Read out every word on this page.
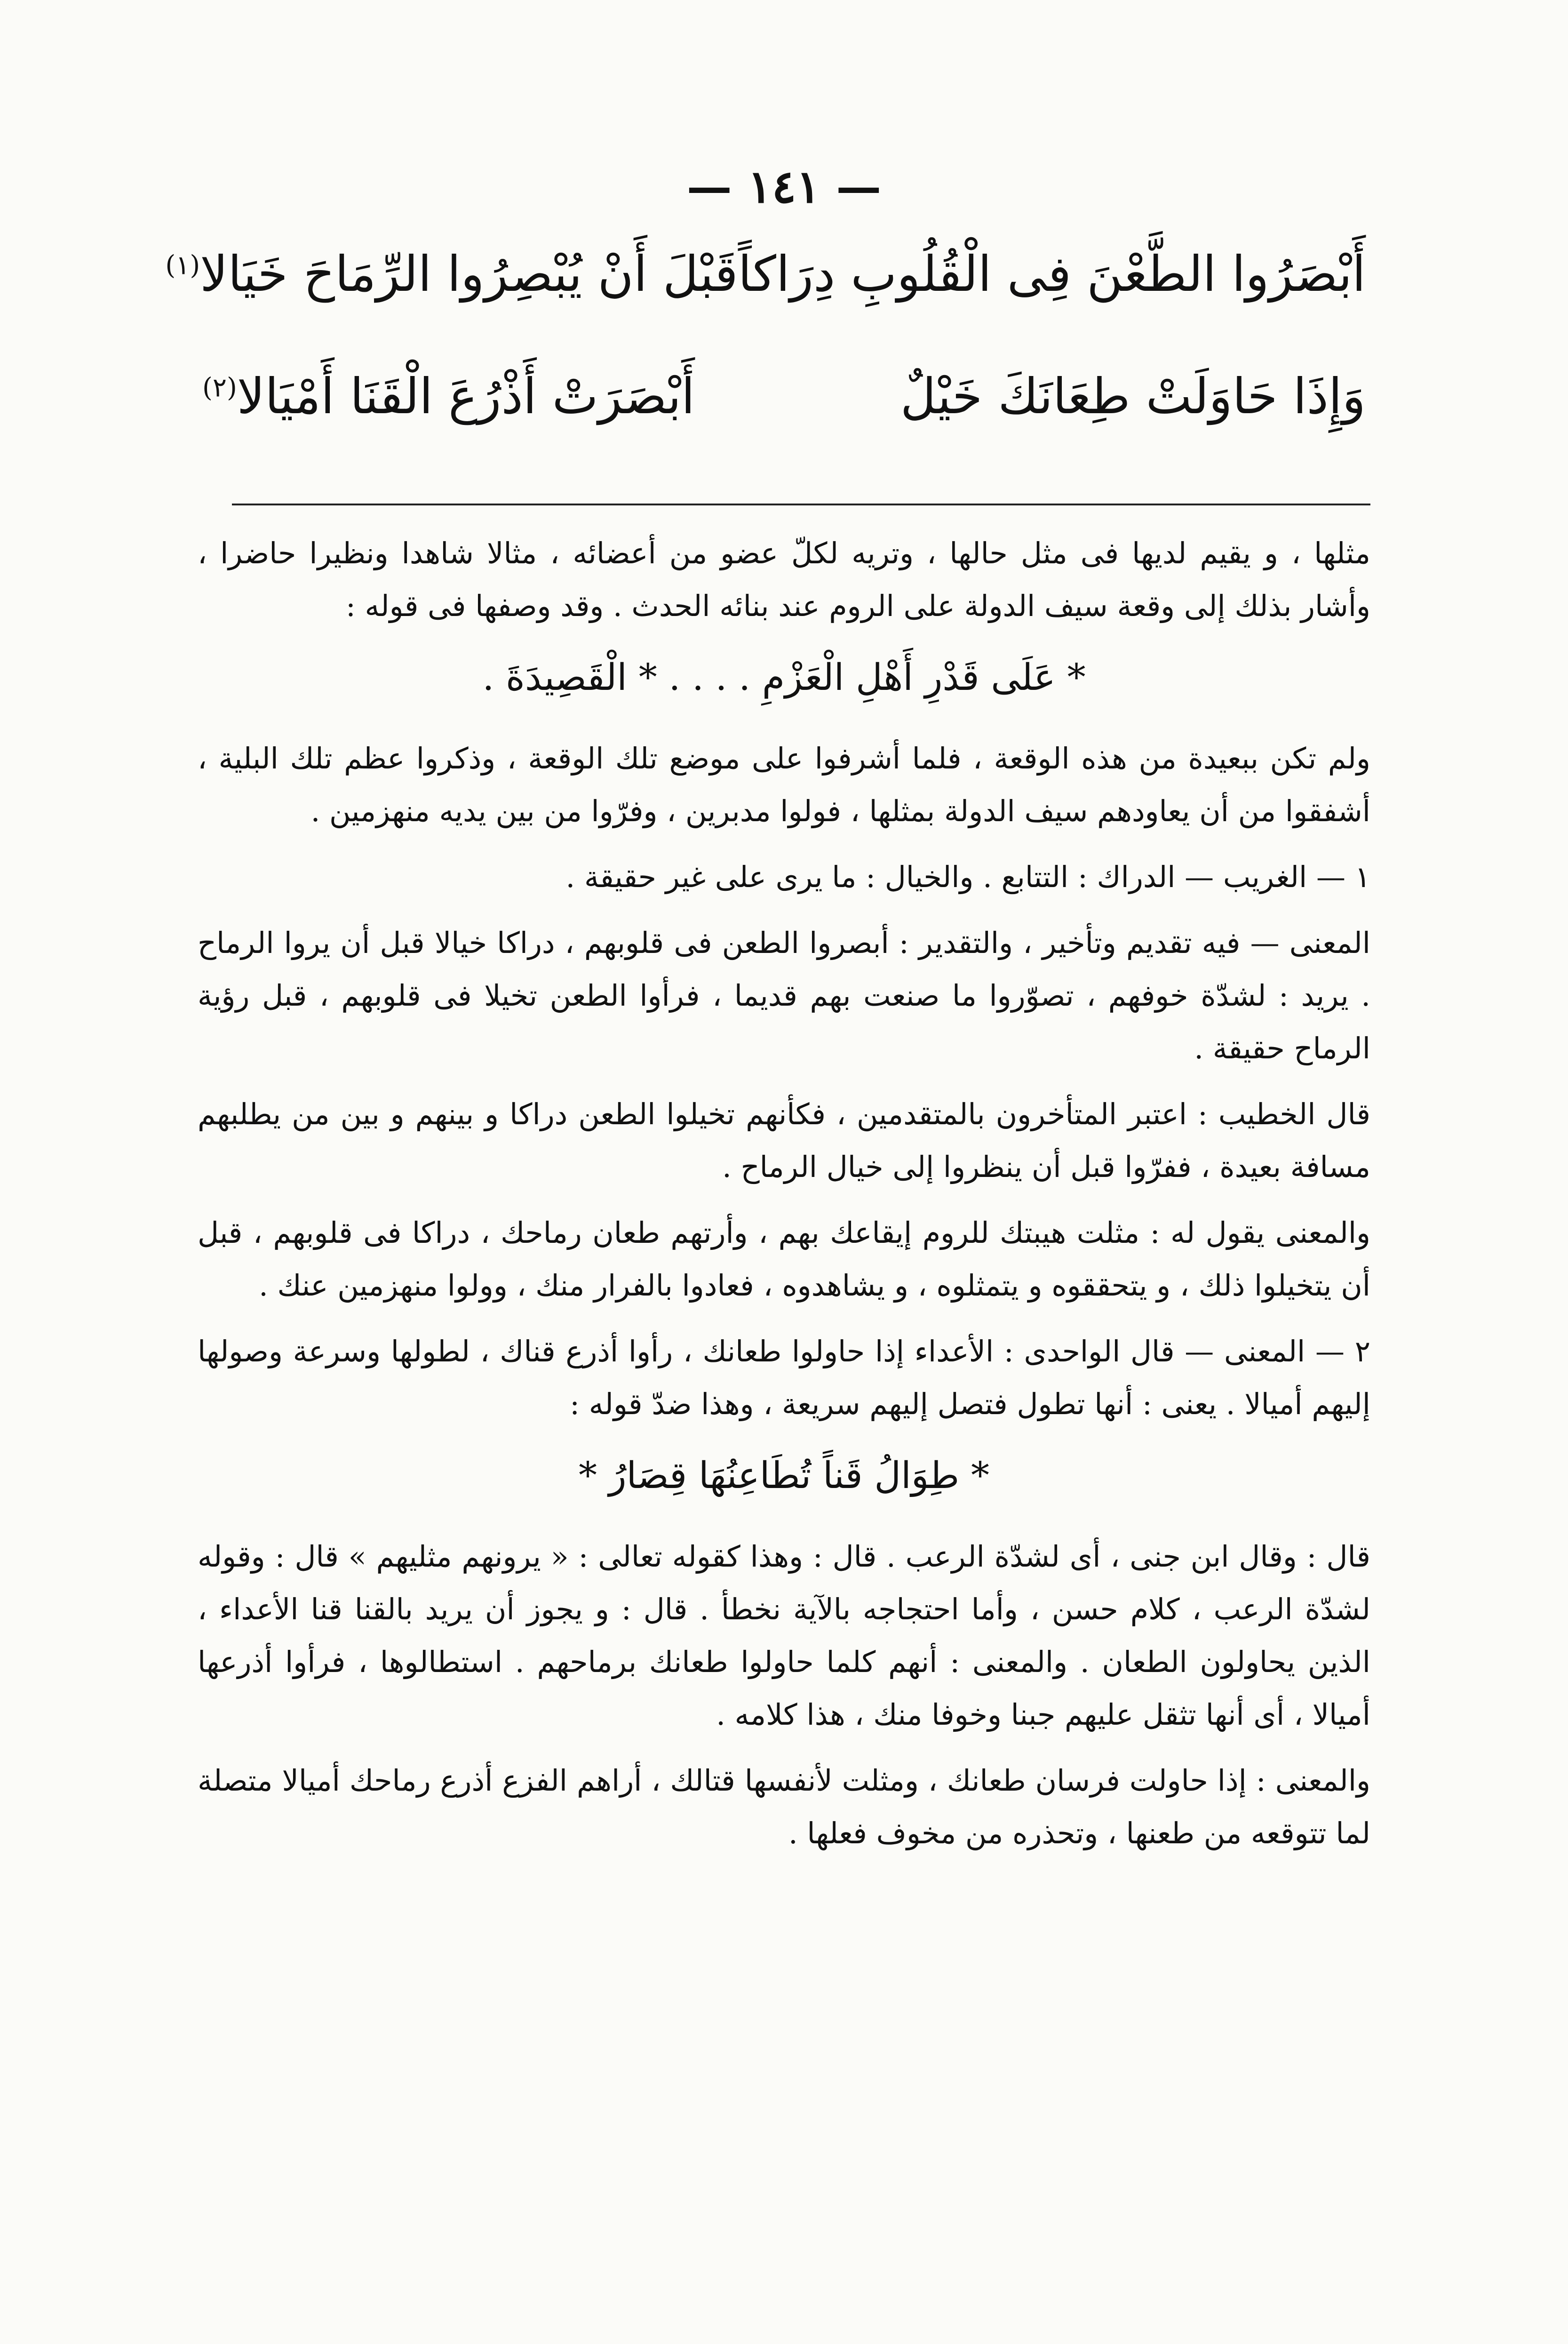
— ١٤١ —
أَبْصَرُوا الطَّعْنَ فِى الْقُلُوبِ دِرَاكاً
قَبْلَ أَنْ يُبْصِرُوا الرِّمَاحَ خَيَالا$^{(١)}$
وَإِذَا حَاوَلَتْ طِعَانَكَ خَيْلٌ
أَبْصَرَتْ أَذْرُعَ الْقَنَا أَمْيَالا$^{(٢)}$

مثلها ، و يقيم لديها فى مثل حالها ، وتريه لكلّ عضو من أعضائه ، مثالا شاهدا ونظيرا حاضرا ، وأشار بذلك إلى وقعة سيف الدولة على الروم عند بنائه الحدث . وقد وصفها فى قوله :

* عَلَى قَدْرِ أَهْلِ الْعَزْمِ . . . . * الْقَصِيدَةَ .

ولم تكن ببعيدة من هذه الوقعة ، فلما أشرفوا على موضع تلك الوقعة ، وذكروا عظم تلك البلية ، أشفقوا من أن يعاودهم سيف الدولة بمثلها ، فولوا مدبرين ، وفرّوا من بين يديه منهزمين .

١ — الغريب — الدراك : التتابع . والخيال : ما يرى على غير حقيقة .

المعنى — فيه تقديم وتأخير ، والتقدير : أبصروا الطعن فى قلوبهم ، دراكا خيالا قبل أن يروا الرماح . يريد : لشدّة خوفهم ، تصوّروا ما صنعت بهم قديما ، فرأوا الطعن تخيلا فى قلوبهم ، قبل رؤية الرماح حقيقة .

قال الخطيب : اعتبر المتأخرون بالمتقدمين ، فكأنهم تخيلوا الطعن دراكا و بينهم و بين من يطلبهم مسافة بعيدة ، ففرّوا قبل أن ينظروا إلى خيال الرماح .

والمعنى يقول له : مثلت هيبتك للروم إيقاعك بهم ، وأرتهم طعان رماحك ، دراكا فى قلوبهم ، قبل أن يتخيلوا ذلك ، و يتحققوه و يتمثلوه ، و يشاهدوه ، فعادوا بالفرار منك ، وولوا منهزمين عنك .

٢ — المعنى — قال الواحدى : الأعداء إذا حاولوا طعانك ، رأوا أذرع قناك ، لطولها وسرعة وصولها إليهم أميالا . يعنى : أنها تطول فتصل إليهم سريعة ، وهذا ضدّ قوله :

* طِوَالُ قَناً تُطَاعِنُهَا قِصَارُ *

قال : وقال ابن جنى ، أى لشدّة الرعب . قال : وهذا كقوله تعالى : « يرونهم مثليهم » قال : وقوله لشدّة الرعب ، كلام حسن ، وأما احتجاجه بالآية نخطأ . قال : و يجوز أن يريد بالقنا قنا الأعداء ، الذين يحاولون الطعان . والمعنى : أنهم كلما حاولوا طعانك برماحهم . استطالوها ، فرأوا أذرعها أميالا ، أى أنها تثقل عليهم جبنا وخوفا منك ، هذا كلامه .

والمعنى : إذا حاولت فرسان طعانك ، ومثلت لأنفسها قتالك ، أراهم الفزع أذرع رماحك أميالا متصلة لما تتوقعه من طعنها ، وتحذره من مخوف فعلها .
